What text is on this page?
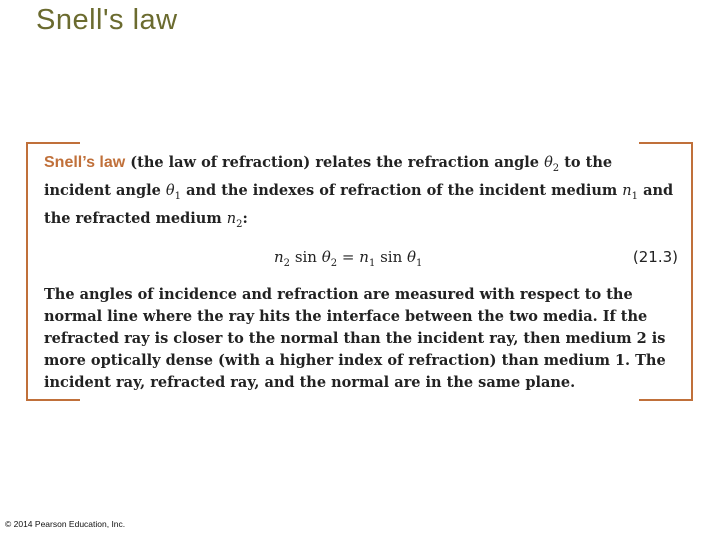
Snell's law

Snell’s law (the law of refraction) relates the refraction angle $\theta_2$ to the incident angle $\theta_1$ and the indexes of refraction of the incident medium $n_1$ and the refracted medium $n_2$:

$n_2$ $\sin \theta_2 = n_1$ $\sin \theta_1$	(21.3)

The angles of incidence and refraction are measured with respect to the normal line where the ray hits the interface between the two media. If the refracted ray is closer to the normal than the incident ray, then medium 2 is more optically dense (with a higher index of refraction) than medium 1. The incident ray, refracted ray, and the normal are in the same plane.

© 2014 Pearson Education, Inc.
